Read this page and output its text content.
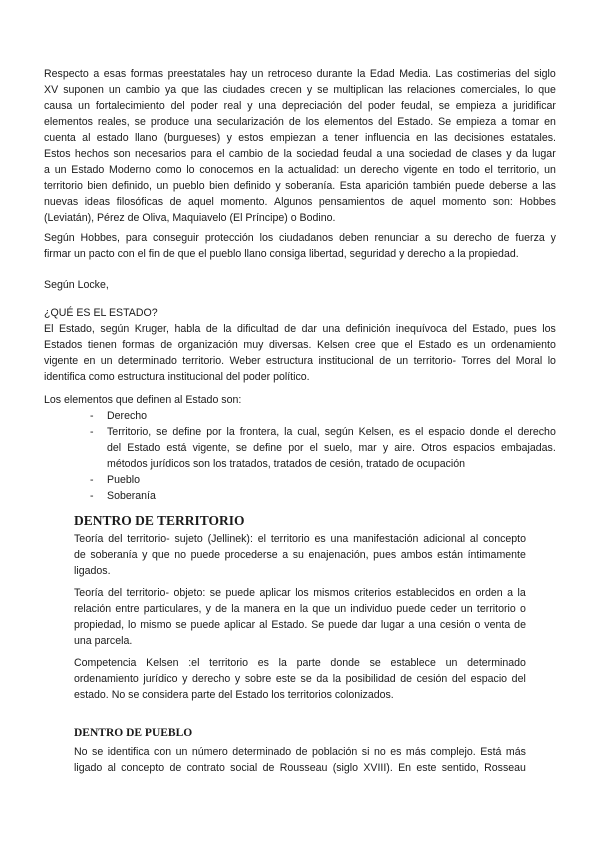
Respecto a esas formas preestatales hay un retroceso durante la Edad Media. Las costimerias del siglo
XV suponen un cambio ya que las ciudades crecen y se multiplican las relaciones comerciales, lo que
causa un fortalecimiento del poder real y una depreciación del poder feudal, se empieza a juridificar
elementos reales, se produce una secularización de los elementos del Estado. Se empieza a tomar en
cuenta al estado llano (burgueses) y estos empiezan a tener influencia en las decisiones estatales.
Estos hechos son necesarios para el cambio de la sociedad feudal a una sociedad de clases y da lugar
a un Estado Moderno como lo conocemos en la actualidad: un derecho vigente en todo el territorio, un
territorio bien definido, un pueblo bien definido y soberanía. Esta aparición también puede deberse a las
nuevas ideas filosóficas de aquel momento. Algunos pensamientos de aquel momento son: Hobbes
(Leviatán), Pérez de Oliva, Maquiavelo (El Príncipe) o Bodino.
Según Hobbes, para conseguir protección los ciudadanos deben renunciar a su derecho de fuerza y
firmar un pacto con el fin de que el pueblo llano consiga libertad, seguridad y derecho a la propiedad.
Según Locke,
¿QUÉ ES EL ESTADO?
El Estado, según Kruger, habla de la dificultad de dar una definición inequívoca del Estado, pues los
Estados tienen formas de organización muy diversas. Kelsen cree que el Estado es un ordenamiento
vigente en un determinado territorio. Weber estructura institucional de un territorio- Torres del Moral lo
identifica como estructura institucional del poder político.
Los elementos que definen al Estado son:
- Derecho
- Territorio, se define por la frontera, la cual, según Kelsen, es el espacio donde el derecho
del Estado está vigente, se define por el suelo, mar y aire. Otros espacios embajadas.
métodos jurídicos son los tratados, tratados de cesión, tratado de ocupación
- Pueblo
- Soberanía
DENTRO DE TERRITORIO
Teoría del territorio- sujeto (Jellinek): el territorio es una manifestación adicional al concepto
de soberanía y que no puede procederse a su enajenación, pues ambos están íntimamente
ligados.
Teoría del territorio- objeto: se puede aplicar los mismos criterios establecidos en orden a la
relación entre particulares, y de la manera en la que un individuo puede ceder un territorio o
propiedad, lo mismo se puede aplicar al Estado. Se puede dar lugar a una cesión o venta de
una parcela.
Competencia Kelsen :el territorio es la parte donde se establece un determinado
ordenamiento jurídico y derecho y sobre este se da la posibilidad de cesión del espacio del
estado. No se considera parte del Estado los territorios colonizados.
DENTRO DE PUEBLO
No se identifica con un número determinado de población si no es más complejo. Está más
ligado al concepto de contrato social de Rousseau (siglo XVIII). En este sentido, Rosseau
